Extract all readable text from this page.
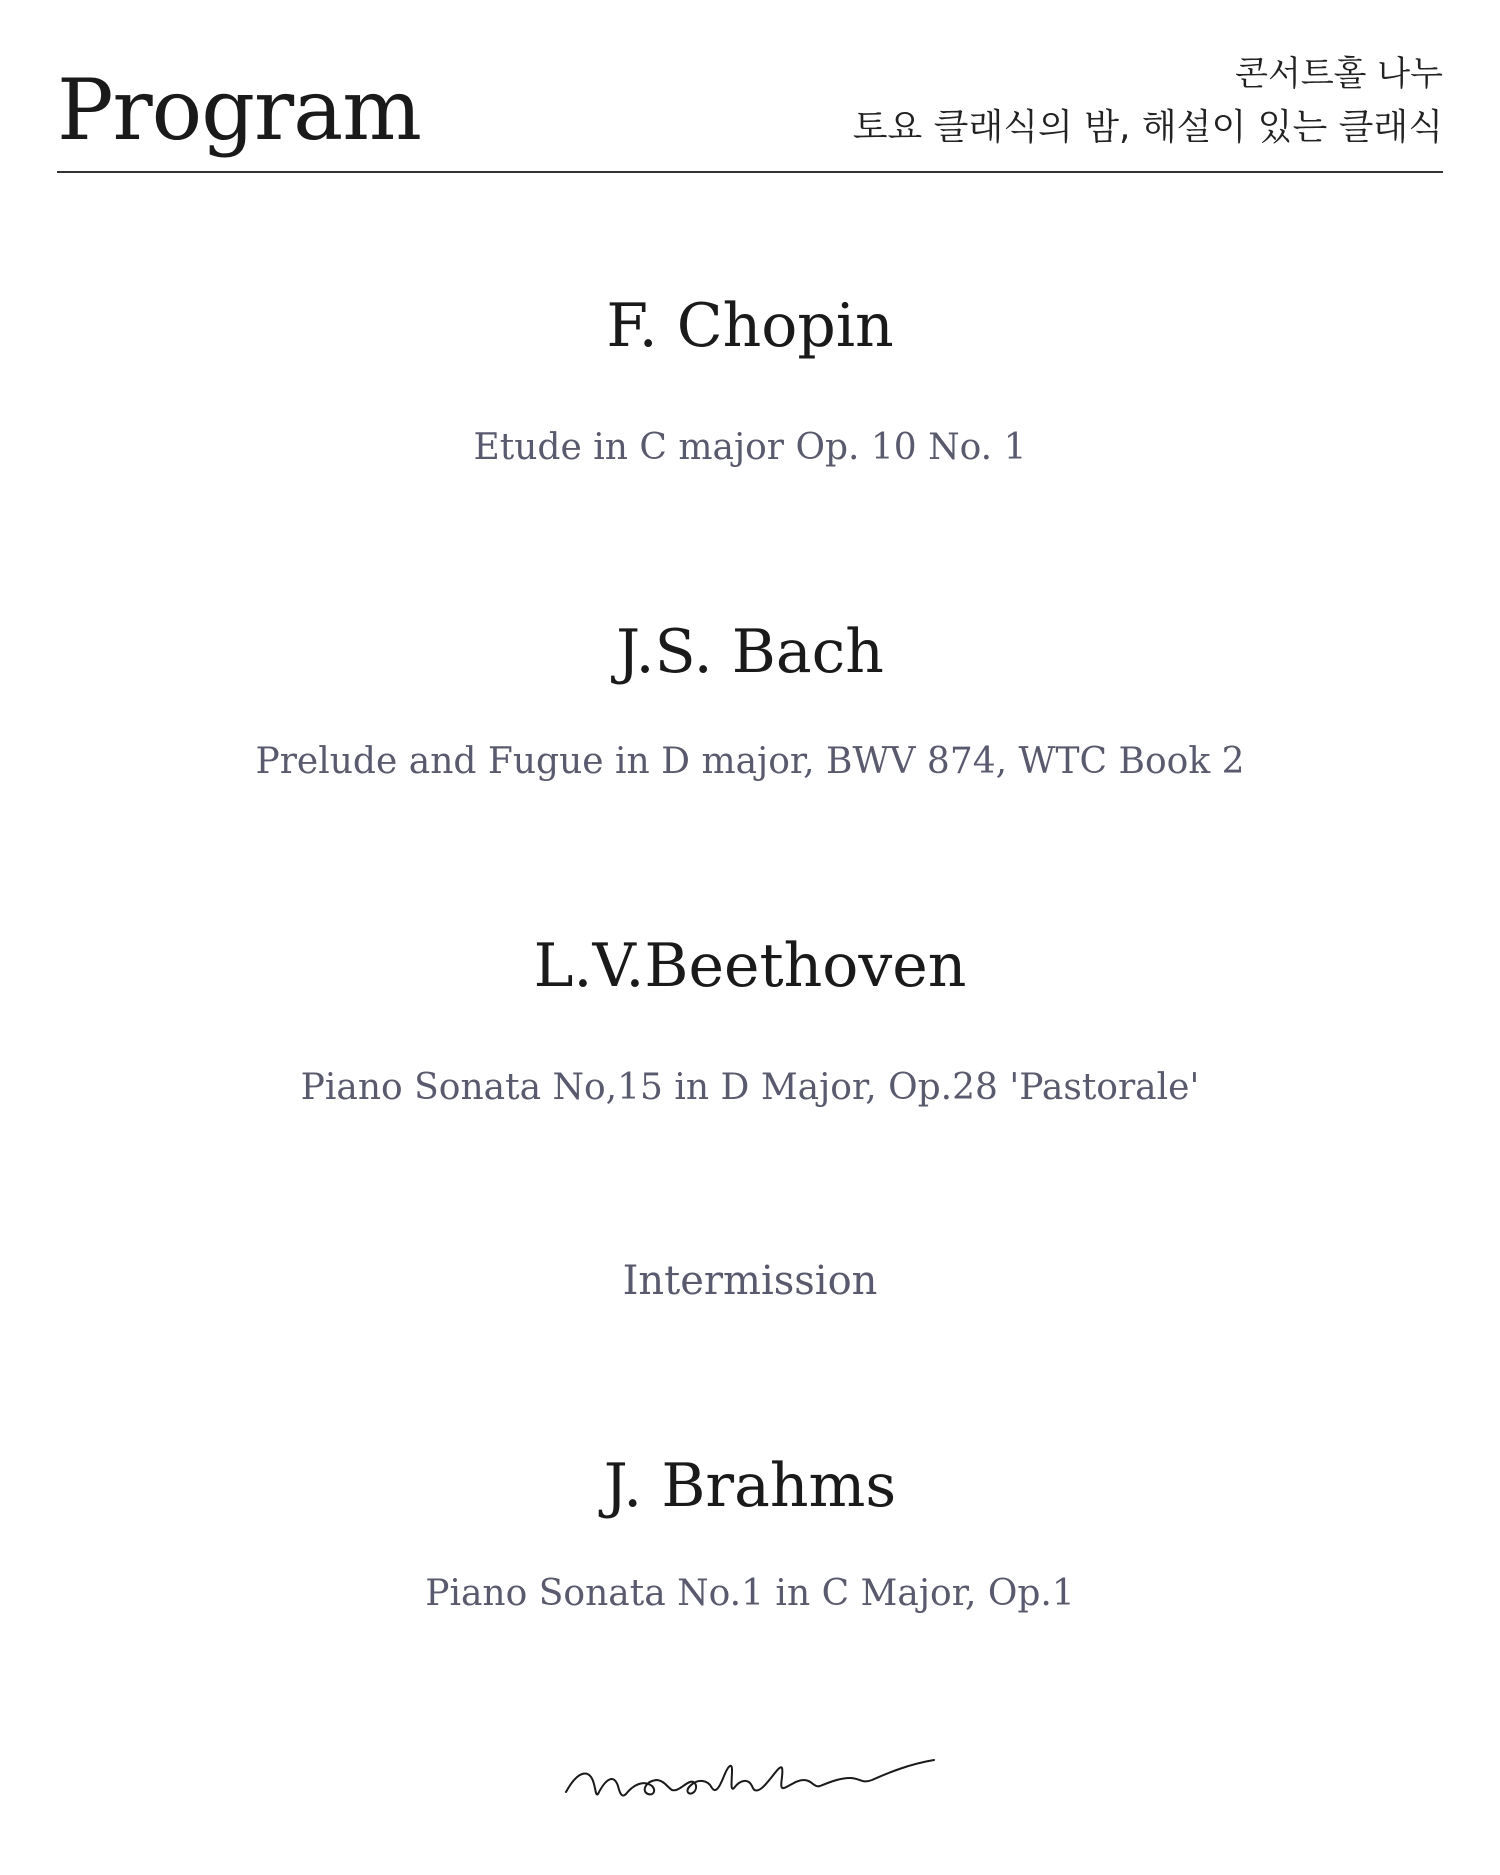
Program	콘서트홀 나누
토요 클래식의 밤, 해설이 있는 클래식
F. Chopin
Etude in C major Op. 10 No. 1
J.S. Bach
Prelude and Fugue in D major, BWV 874, WTC Book 2
L.V.Beethoven
Piano Sonata No,15 in D Major, Op.28 'Pastorale'
Intermission
J. Brahms
Piano Sonata No.1 in C Major, Op.1
